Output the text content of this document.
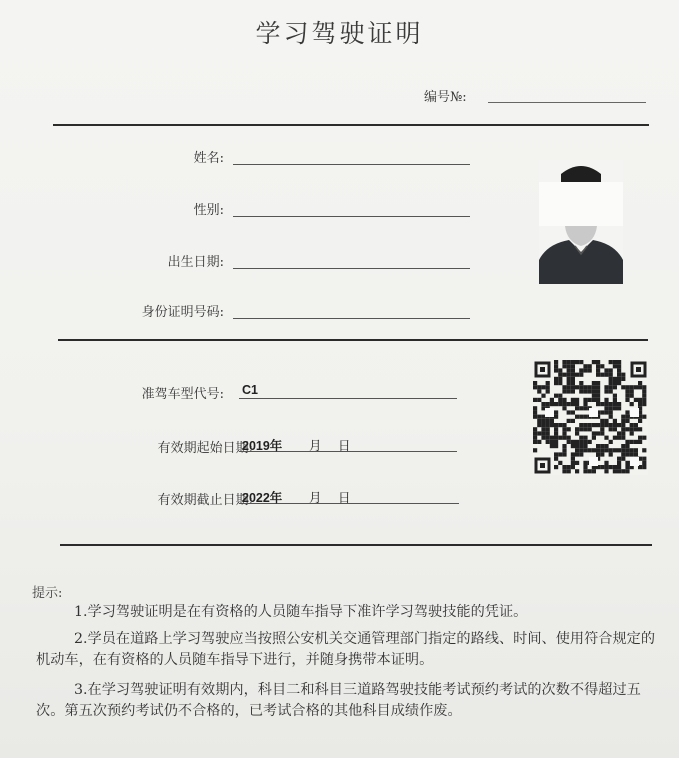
学习驾驶证明
编号№:
姓名:
性别:
出生日期:
身份证明号码:
准驾车型代号: C1
有效期起始日期:
2019年 月 日
有效期截止日期:
2022年 月 日
提示:
1.学习驾驶证明是在有资格的人员随车指导下准许学习驾驶技能的凭证。
2.学员在道路上学习驾驶应当按照公安机关交通管理部门指定的路线、时间、使用符合规定的机动车，在有资格的人员随车指导下进行，并随身携带本证明。
3.在学习驾驶证明有效期内，科目二和科目三道路驾驶技能考试预约考试的次数不得超过五次。第五次预约考试仍不合格的，已考试合格的其他科目成绩作废。
